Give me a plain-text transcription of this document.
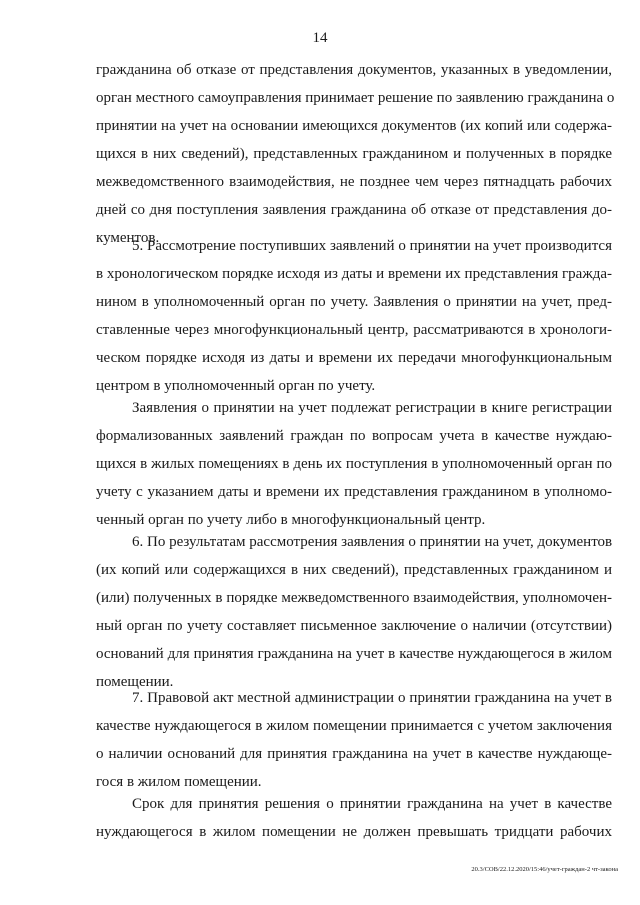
14
гражданина об отказе от представления документов, указанных в уведомлении,
орган местного самоуправления принимает решение по заявлению гражданина о
принятии на учет на основании имеющихся документов (их копий или содержа-
щихся в них сведений), представленных гражданином и полученных в порядке
межведомственного взаимодействия, не позднее чем через пятнадцать рабочих
дней со дня поступления заявления гражданина об отказе от представления до-
кументов.
5. Рассмотрение поступивших заявлений о принятии на учет производится
в хронологическом порядке исходя из даты и времени их представления гражда-
нином в уполномоченный орган по учету. Заявления о принятии на учет, пред-
ставленные через многофункциональный центр, рассматриваются в хронологи-
ческом порядке исходя из даты и времени их передачи многофункциональным
центром в уполномоченный орган по учету.
Заявления о принятии на учет подлежат регистрации в книге регистрации
формализованных заявлений граждан по вопросам учета в качестве нуждаю-
щихся в жилых помещениях в день их поступления в уполномоченный орган по
учету с указанием даты и времени их представления гражданином в уполномо-
ченный орган по учету либо в многофункциональный центр.
6. По результатам рассмотрения заявления о принятии на учет, документов
(их копий или содержащихся в них сведений), представленных гражданином и
(или) полученных в порядке межведомственного взаимодействия, уполномочен-
ный орган по учету составляет письменное заключение о наличии (отсутствии)
оснований для принятия гражданина на учет в качестве нуждающегося в жилом
помещении.
7. Правовой акт местной администрации о принятии гражданина на учет в
качестве нуждающегося в жилом помещении принимается с учетом заключения
о наличии оснований для принятия гражданина на учет в качестве нуждающе-
гося в жилом помещении.
Срок для принятия решения о принятии гражданина на учет в качестве
нуждающегося в жилом помещении не должен превышать тридцати рабочих
20.3/СОВ/22.12.2020/15:46/учет-граждан-2 чт-закона
